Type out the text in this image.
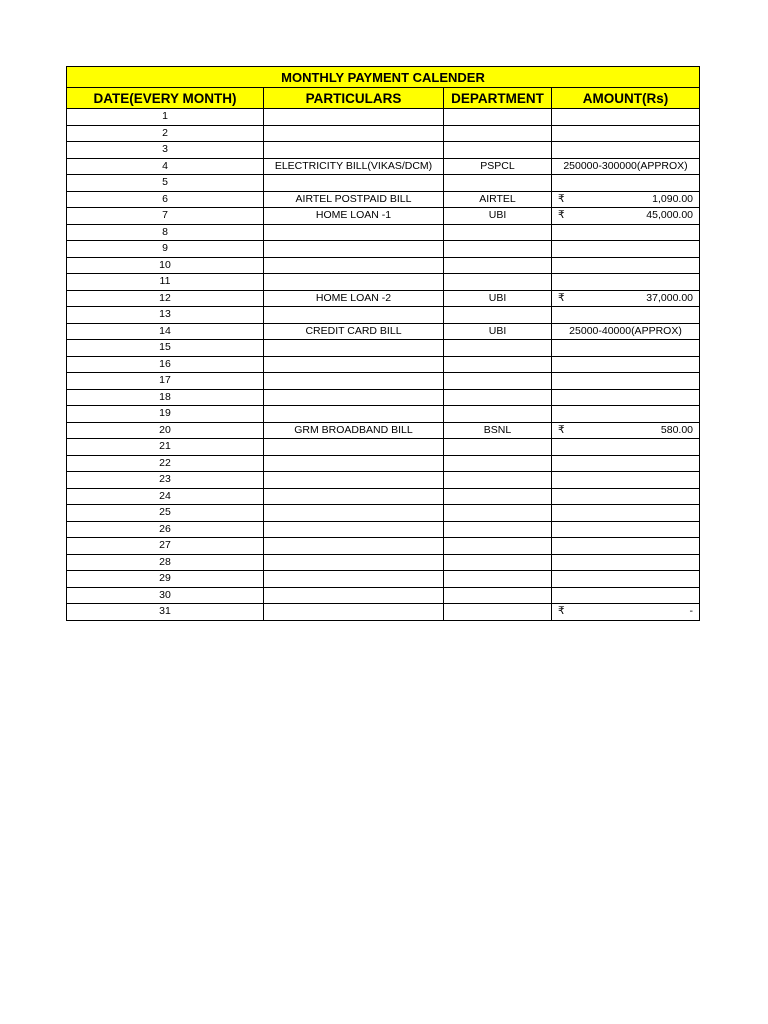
MONTHLY PAYMENT CALENDER			
DATE(EVERY MONTH)	PARTICULARS	DEPARTMENT	AMOUNT(Rs)
1			
2			
3			
4	ELECTRICITY BILL(VIKAS/DCM)	PSPCL	250000-300000(APPROX)

5			
6	AIRTEL POSTPAID BILL	AIRTEL	₹ 1,090.00

7	HOME LOAN -1	UBI	₹ 45,000.00

8			
9			
10			
11			
12	HOME LOAN -2	UBI	₹ 37,000.00

13			
14	CREDIT CARD BILL	UBI	25000-40000(APPROX)

15			
16			
17			
18			
19			
20	GRM BROADBAND BILL	BSNL	₹ 580.00

21			
22			
23			
24			
25			
26			
27			
28			
29			
30			
31			₹ -
